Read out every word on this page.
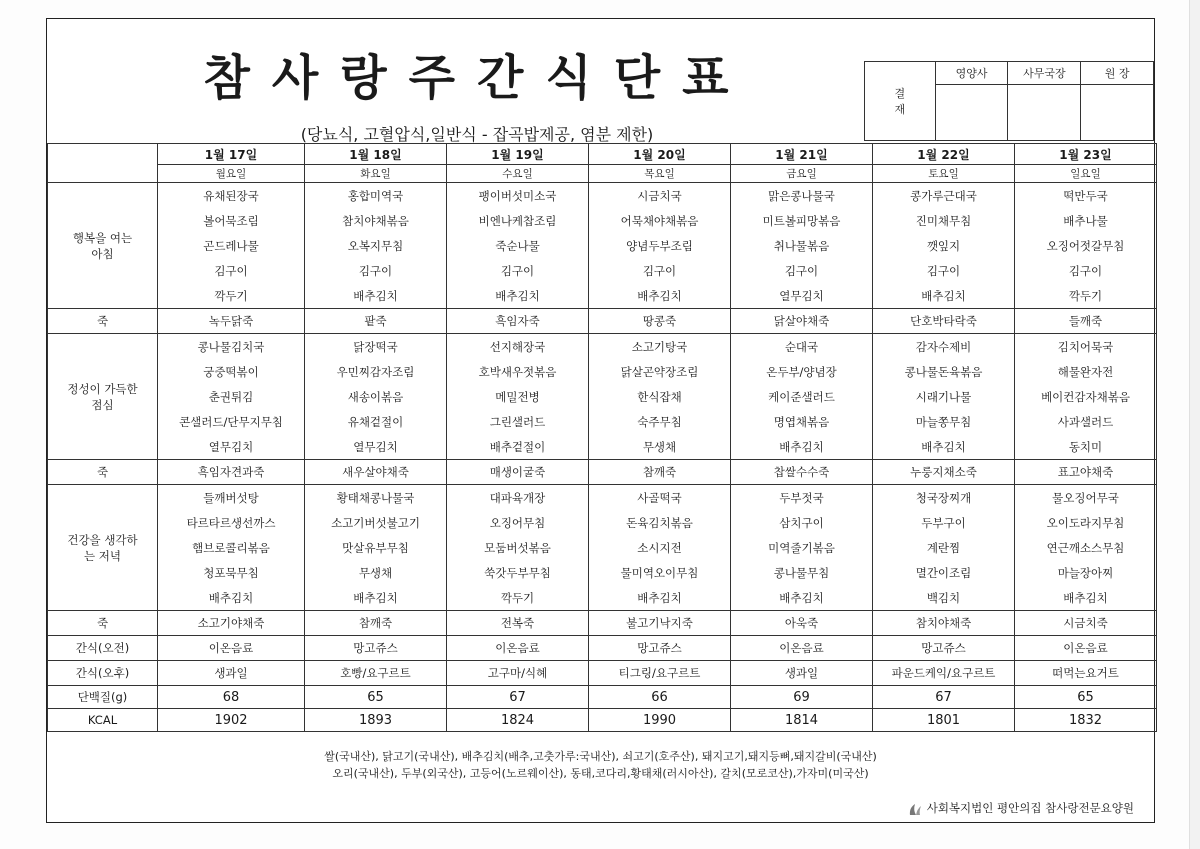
참사랑주간식단표
(당뇨식, 고혈압식,일반식 - 잡곡밥제공, 염분 제한)
결
재	영양사	사무국장	원 장

	1월 17일	1월 18일	1월 19일	1월 20일	1월 21일	1월 22일	1월 23일
	월요일	화요일	수요일	목요일	금요일	토요일	일요일
행복을 여는
아침	유채된장국	홍합미역국	팽이버섯미소국	시금치국	맑은콩나물국	콩가루근대국	떡만두국
	볼어묵조림	참치야채볶음	비엔나케찹조림	어묵채야채볶음	미트볼피망볶음	진미채무침	배추나물
	곤드레나물	오복지무침	죽순나물	양념두부조림	취나물볶음	깻잎지	오징어젓갈무침
	김구이	김구이	김구이	김구이	김구이	김구이	김구이
	깍두기	배추김치	배추김치	배추김치	열무김치	배추김치	깍두기
죽	녹두닭죽	팥죽	흑임자죽	땅콩죽	닭살야채죽	단호박타락죽	들깨죽
정성이 가득한
점심	콩나물김치국	닭장떡국	선지해장국	소고기탕국	순대국	감자수제비	김치어묵국
	궁중떡볶이	우민찌감자조림	호박새우젓볶음	닭살곤약장조림	온두부/양념장	콩나물돈육볶음	해물완자전
	춘권튀김	새송이볶음	메밀전병	한식잡채	케이준샐러드	시래기나물	베이컨감자채볶음
	콘샐러드/단무지무침	유채겉절이	그린샐러드	숙주무침	명엽채볶음	마늘쫑무침	사과샐러드
	열무김치	열무김치	배추겉절이	무생채	배추김치	배추김치	동치미
죽	흑임자견과죽	새우살야채죽	매생이굴죽	참깨죽	찹쌀수수죽	누룽지채소죽	표고야채죽
건강을 생각하
는 저녁	들깨버섯탕	황태채콩나물국	대파육개장	사골떡국	두부젓국	청국장찌개	물오징어무국
	타르타르생선까스	소고기버섯불고기	오징어무침	돈육김치볶음	삼치구이	두부구이	오이도라지무침
	햄브로콜리볶음	맛살유부무침	모둠버섯볶음	소시지전	미역줄기볶음	계란찜	연근깨소스무침
	청포묵무침	무생채	쑥갓두부무침	물미역오이무침	콩나물무침	멸간이조림	마늘장아찌
	배추김치	배추김치	깍두기	배추김치	배추김치	백김치	배추김치
죽	소고기야채죽	참깨죽	전복죽	불고기낙지죽	아욱죽	참치야채죽	시금치죽
간식(오전)	이온음료	망고쥬스	이온음료	망고쥬스	이온음료	망고쥬스	이온음료
간식(오후)	생과일	호빵/요구르트	고구마/식혜	티그링/요구르트	생과일	파운드케익/요구르트	떠먹는요거트
단백질(g)	68	65	67	66	69	67	65
KCAL	1902	1893	1824	1990	1814	1801	1832
쌀(국내산), 닭고기(국내산), 배추김치(배추,고춧가루:국내산), 쇠고기(호주산), 돼지고기,돼지등뼈,돼지갈비(국내산)
오리(국내산), 두부(외국산), 고등어(노르웨이산), 동태,코다리,황태채(러시아산), 갈치(모로코산),가자미(미국산)
사회복지법인 평안의집 참사랑전문요양원
